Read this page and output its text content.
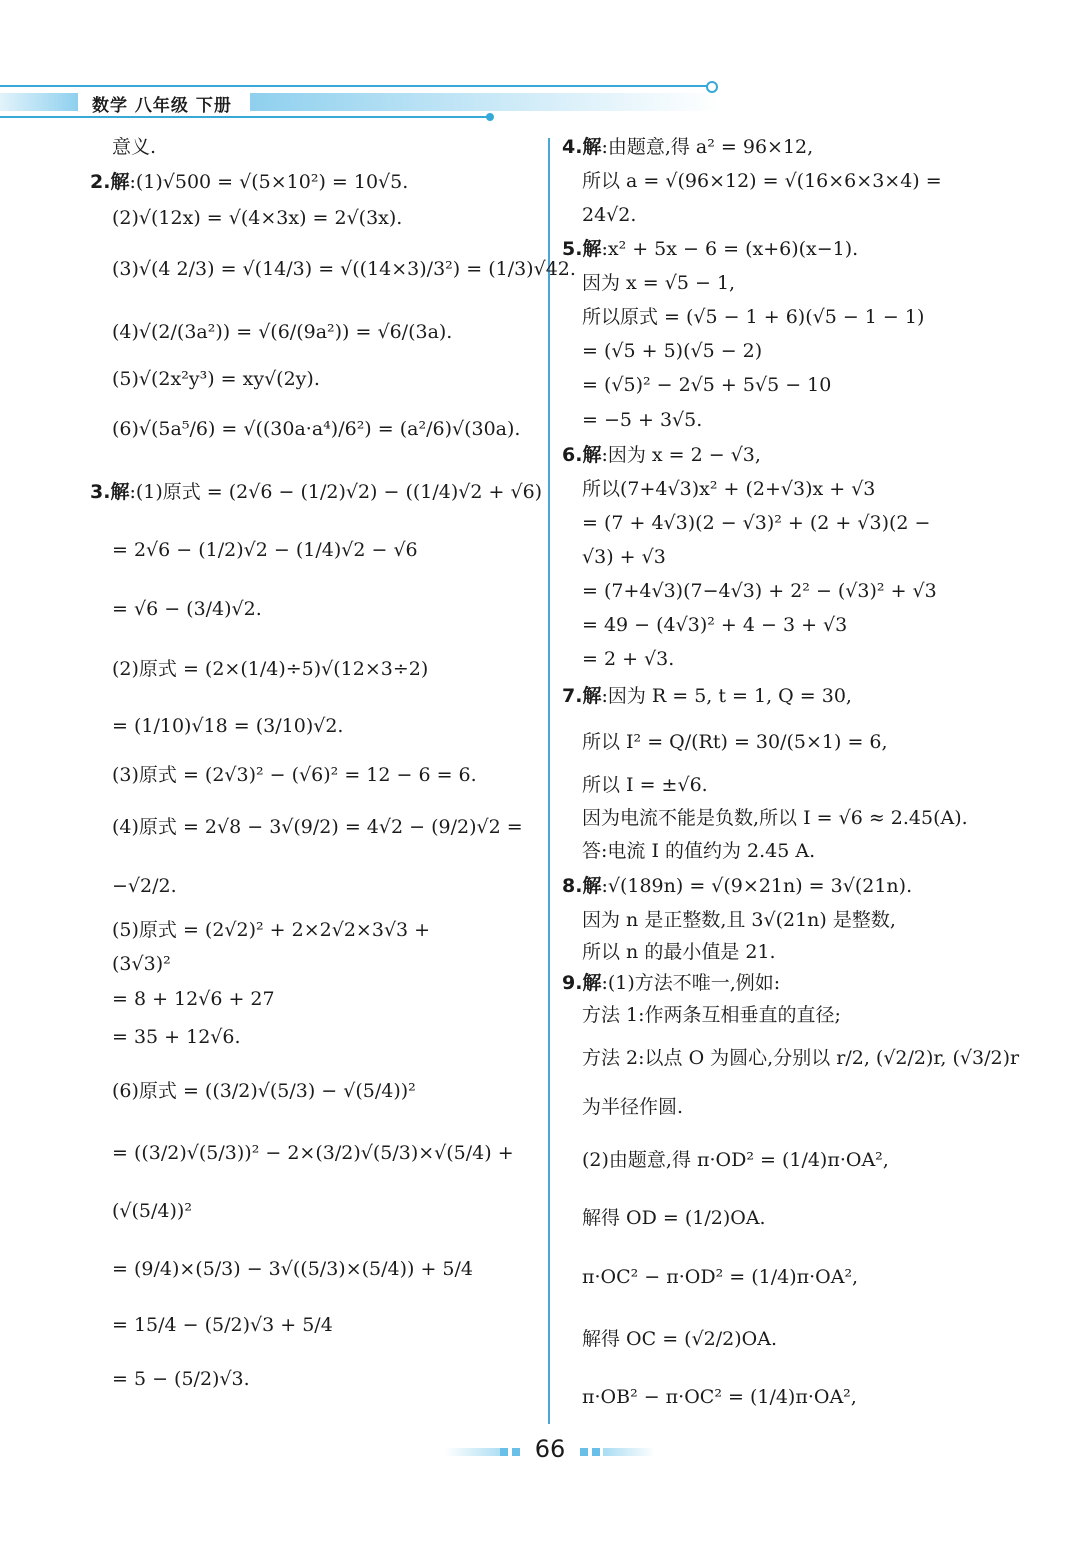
数学 八年级 下册
意义.
2.解:(1)√500 = √(5×10²) = 10√5.
(2)√(12x) = √(4×3x) = 2√(3x).
(3)√(4 2/3) = √(14/3) = √((14×3)/3²) = (1/3)√42.
(4)√(2/(3a²)) = √(6/(9a²)) = √6/(3a).
(5)√(2x²y³) = xy√(2y).
(6)√(5a⁵/6) = √((30a·a⁴)/6²) = (a²/6)√(30a).
3.解:(1)原式 = (2√6 − (1/2)√2) − ((1/4)√2 + √6)
= 2√6 − (1/2)√2 − (1/4)√2 − √6
= √6 − (3/4)√2.
(2)原式 = (2×(1/4)÷5)√(12×3÷2)
= (1/10)√18 = (3/10)√2.
(3)原式 = (2√3)² − (√6)² = 12 − 6 = 6.
(4)原式 = 2√8 − 3√(9/2) = 4√2 − (9/2)√2 =
−√2/2.
(5)原式 = (2√2)² + 2×2√2×3√3 +
(3√3)²
= 8 + 12√6 + 27
= 35 + 12√6.
(6)原式 = ((3/2)√(5/3) − √(5/4))²
= ((3/2)√(5/3))² − 2×(3/2)√(5/3)×√(5/4) +
(√(5/4))²
= (9/4)×(5/3) − 3√((5/3)×(5/4)) + 5/4
= 15/4 − (5/2)√3 + 5/4
= 5 − (5/2)√3.
4.解:由题意,得 a² = 96×12,
所以 a = √(96×12) = √(16×6×3×4) =
24√2.
5.解:x² + 5x − 6 = (x+6)(x−1).
因为 x = √5 − 1,
所以原式 = (√5 − 1 + 6)(√5 − 1 − 1)
= (√5 + 5)(√5 − 2)
= (√5)² − 2√5 + 5√5 − 10
= −5 + 3√5.
6.解:因为 x = 2 − √3,
所以(7+4√3)x² + (2+√3)x + √3
= (7 + 4√3)(2 − √3)² + (2 + √3)(2 −
√3) + √3
= (7+4√3)(7−4√3) + 2² − (√3)² + √3
= 49 − (4√3)² + 4 − 3 + √3
= 2 + √3.
7.解:因为 R = 5, t = 1, Q = 30,
所以 I² = Q/(Rt) = 30/(5×1) = 6,
所以 I = ±√6.
因为电流不能是负数,所以 I = √6 ≈ 2.45(A).
答:电流 I 的值约为 2.45 A.
8.解:√(189n) = √(9×21n) = 3√(21n).
因为 n 是正整数,且 3√(21n) 是整数,
所以 n 的最小值是 21.
9.解:(1)方法不唯一,例如:
方法 1:作两条互相垂直的直径;
方法 2:以点 O 为圆心,分别以 r/2, (√2/2)r, (√3/2)r
为半径作圆.
(2)由题意,得 π·OD² = (1/4)π·OA²,
解得 OD = (1/2)OA.
π·OC² − π·OD² = (1/4)π·OA²,
解得 OC = (√2/2)OA.
π·OB² − π·OC² = (1/4)π·OA²,
66
